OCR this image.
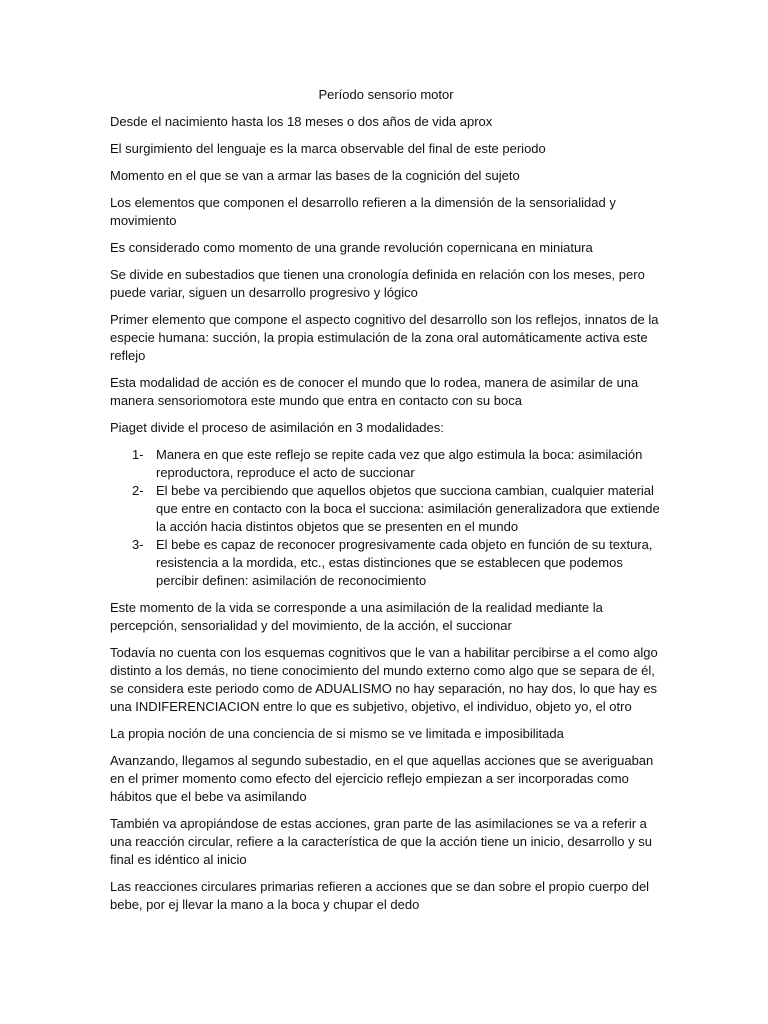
Período sensorio motor

Desde el nacimiento hasta los 18 meses o dos años de vida aprox

El surgimiento del lenguaje es la marca observable del final de este periodo

Momento en el que se van a armar las bases de la cognición del sujeto

Los elementos que componen el desarrollo refieren a la dimensión de la sensorialidad y movimiento

Es considerado como momento de una grande revolución copernicana en miniatura

Se divide en subestadios que tienen una cronología definida en relación con los meses, pero puede variar, siguen un desarrollo progresivo y lógico

Primer elemento que compone el aspecto cognitivo del desarrollo son los reflejos, innatos de la especie humana: succión, la propia estimulación de la zona oral automáticamente activa este reflejo

Esta modalidad de acción es de conocer el mundo que lo rodea, manera de asimilar de una manera sensoriomotora este mundo que entra en contacto con su boca

Piaget divide el proceso de asimilación en 3 modalidades:

1- Manera en que este reflejo se repite cada vez que algo estimula la boca: asimilación reproductora, reproduce el acto de succionar
2- El bebe va percibiendo que aquellos objetos que succiona cambian, cualquier material que entre en contacto con la boca el succiona: asimilación generalizadora que extiende la acción hacia distintos objetos que se presenten en el mundo
3- El bebe es capaz de reconocer progresivamente cada objeto en función de su textura, resistencia a la mordida, etc., estas distinciones que se establecen que podemos percibir definen: asimilación de reconocimiento

Este momento de la vida se corresponde a una asimilación de la realidad mediante la percepción, sensorialidad y del movimiento, de la acción, el succionar

Todavía no cuenta con los esquemas cognitivos que le van a habilitar percibirse a el como algo distinto a los demás, no tiene conocimiento del mundo externo como algo que se separa de él, se considera este periodo como de ADUALISMO no hay separación, no hay dos, lo que hay es una INDIFERENCIACION entre lo que es subjetivo, objetivo, el individuo, objeto yo, el otro

La propia noción de una conciencia de si mismo se ve limitada e imposibilitada

Avanzando, llegamos al segundo subestadio, en el que aquellas acciones que se averiguaban en el primer momento como efecto del ejercicio reflejo empiezan a ser incorporadas como hábitos que el bebe va asimilando

También va apropiándose de estas acciones, gran parte de las asimilaciones se va a referir a una reacción circular, refiere a la característica de que la acción tiene un inicio, desarrollo y su final es idéntico al inicio

Las reacciones circulares primarias refieren a acciones que se dan sobre el propio cuerpo del bebe, por ej llevar la mano a la boca y chupar el dedo
